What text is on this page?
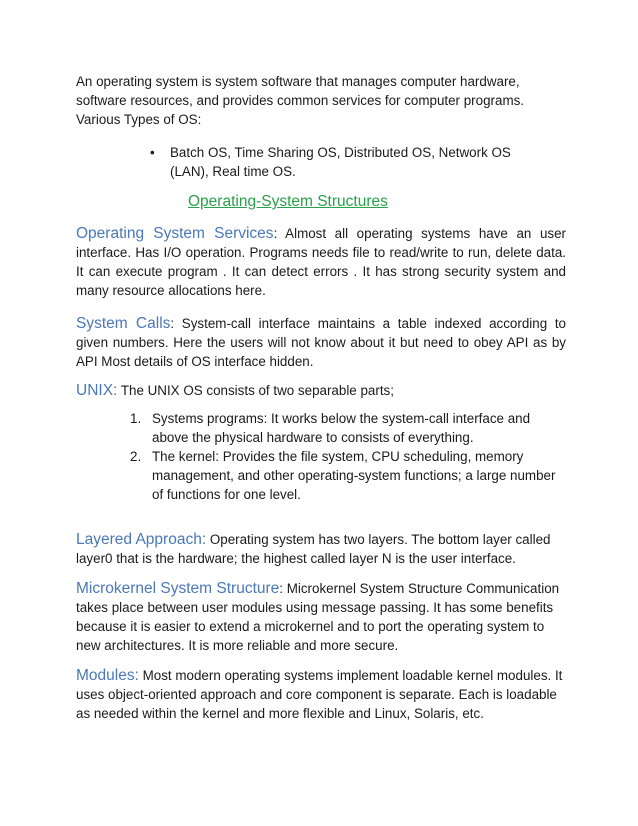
An operating system is system software that manages computer hardware, software resources, and provides common services for computer programs.
Various Types of OS:

• Batch OS, Time Sharing OS, Distributed OS, Network OS (LAN), Real time OS.
Operating-System Structures

Operating System Services: Almost all operating systems have an user interface. Has I/O operation. Programs needs file to read/write to run, delete data. It can execute program . It can detect errors . It has strong security system and many resource allocations here.

System Calls: System-call interface maintains a table indexed according to given numbers. Here the users will not know about it but need to obey API as by API Most details of OS interface hidden.

UNIX: The UNIX OS consists of two separable parts;

1. Systems programs: It works below the system-call interface and above the physical hardware to consists of everything.
2. The kernel: Provides the file system, CPU scheduling, memory management, and other operating-system functions; a large number of functions for one level.

Layered Approach: Operating system has two layers. The bottom layer called layer0 that is the hardware; the highest called layer N is the user interface.

Microkernel System Structure: Microkernel System Structure Communication takes place between user modules using message passing. It has some benefits because it is easier to extend a microkernel and to port the operating system to new architectures. It is more reliable and more secure.

Modules: Most modern operating systems implement loadable kernel modules. It uses object-oriented approach and core component is separate. Each is loadable as needed within the kernel and more flexible and Linux, Solaris, etc.
